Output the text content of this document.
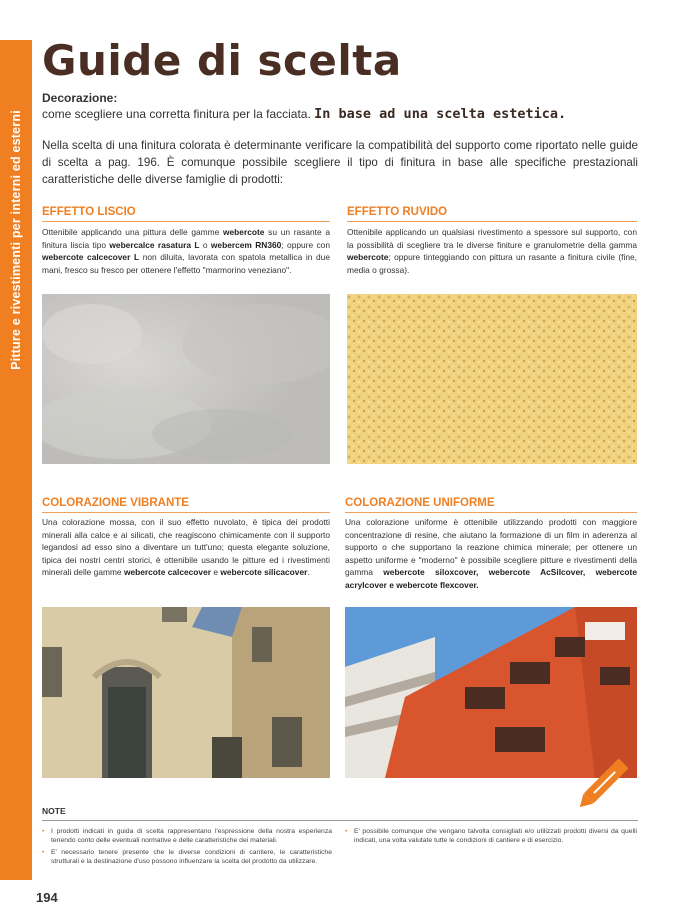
Pitture e rivestimenti per interni ed esterni
Guide di scelta
Decorazione:
come scegliere una corretta finitura per la facciata. In base ad una scelta estetica.
Nella scelta di una finitura colorata è determinante verificare la compatibilità del supporto come riportato nelle guide di scelta a pag. 196. È comunque possibile scegliere il tipo di finitura in base alle specifiche prestazionali caratteristiche delle diverse famiglie di prodotti:
EFFETTO LISCIO
Ottenibile applicando una pittura delle gamme webercote su un rasante a finitura liscia tipo webercalce rasatura L o webercem RN360; oppure con webercote calcecover L non diluita, lavorata con spatola metallica in due mani, fresco su fresco per ottenere l'effetto "marmorino veneziano".
EFFETTO RUVIDO
Ottenibile applicando un qualsiasi rivestimento a spessore sul supporto, con la possibilità di scegliere tra le diverse finiture e granulometrie della gamma webercote; oppure tinteggiando con pittura un rasante a finitura civile (fine, media o grossa).
COLORAZIONE VIBRANTE
Una colorazione mossa, con il suo effetto nuvolato, è tipica dei prodotti minerali alla calce e ai silicati, che reagiscono chimicamente con il supporto legandosi ad esso sino a diventare un tutt'uno; questa elegante soluzione, tipica dei nostri centri storici, è ottenibile usando le pitture ed i rivestimenti minerali delle gamme webercote calcecover e webercote silicacover.
COLORAZIONE UNIFORME
Una colorazione uniforme è ottenibile utilizzando prodotti con maggiore concentrazione di resine, che aiutano la formazione di un film in aderenza al supporto o che supportano la reazione chimica minerale; per ottenere un aspetto uniforme e "moderno" è possibile scegliere pitture e rivestimenti della gamma webercote siloxcover, webercote AcSilcover, webercote acrylcover e webercote flexcover.
NOTE
• I prodotti indicati in guida di scelta rappresentano l'espressione della nostra esperienza tenendo conto delle eventuali normative e delle caratteristiche dei materiali.
• E' necessario tenere presente che le diverse condizioni di cantiere, le caratteristiche strutturali e la destinazione d'uso possono influenzare la scelta del prodotto da utilizzare.
• E' possibile comunque che vengano talvolta consigliati e/o utilizzati prodotti diversi da quelli indicati, una volta valutate tutte le condizioni di cantiere e di esercizio.
194
